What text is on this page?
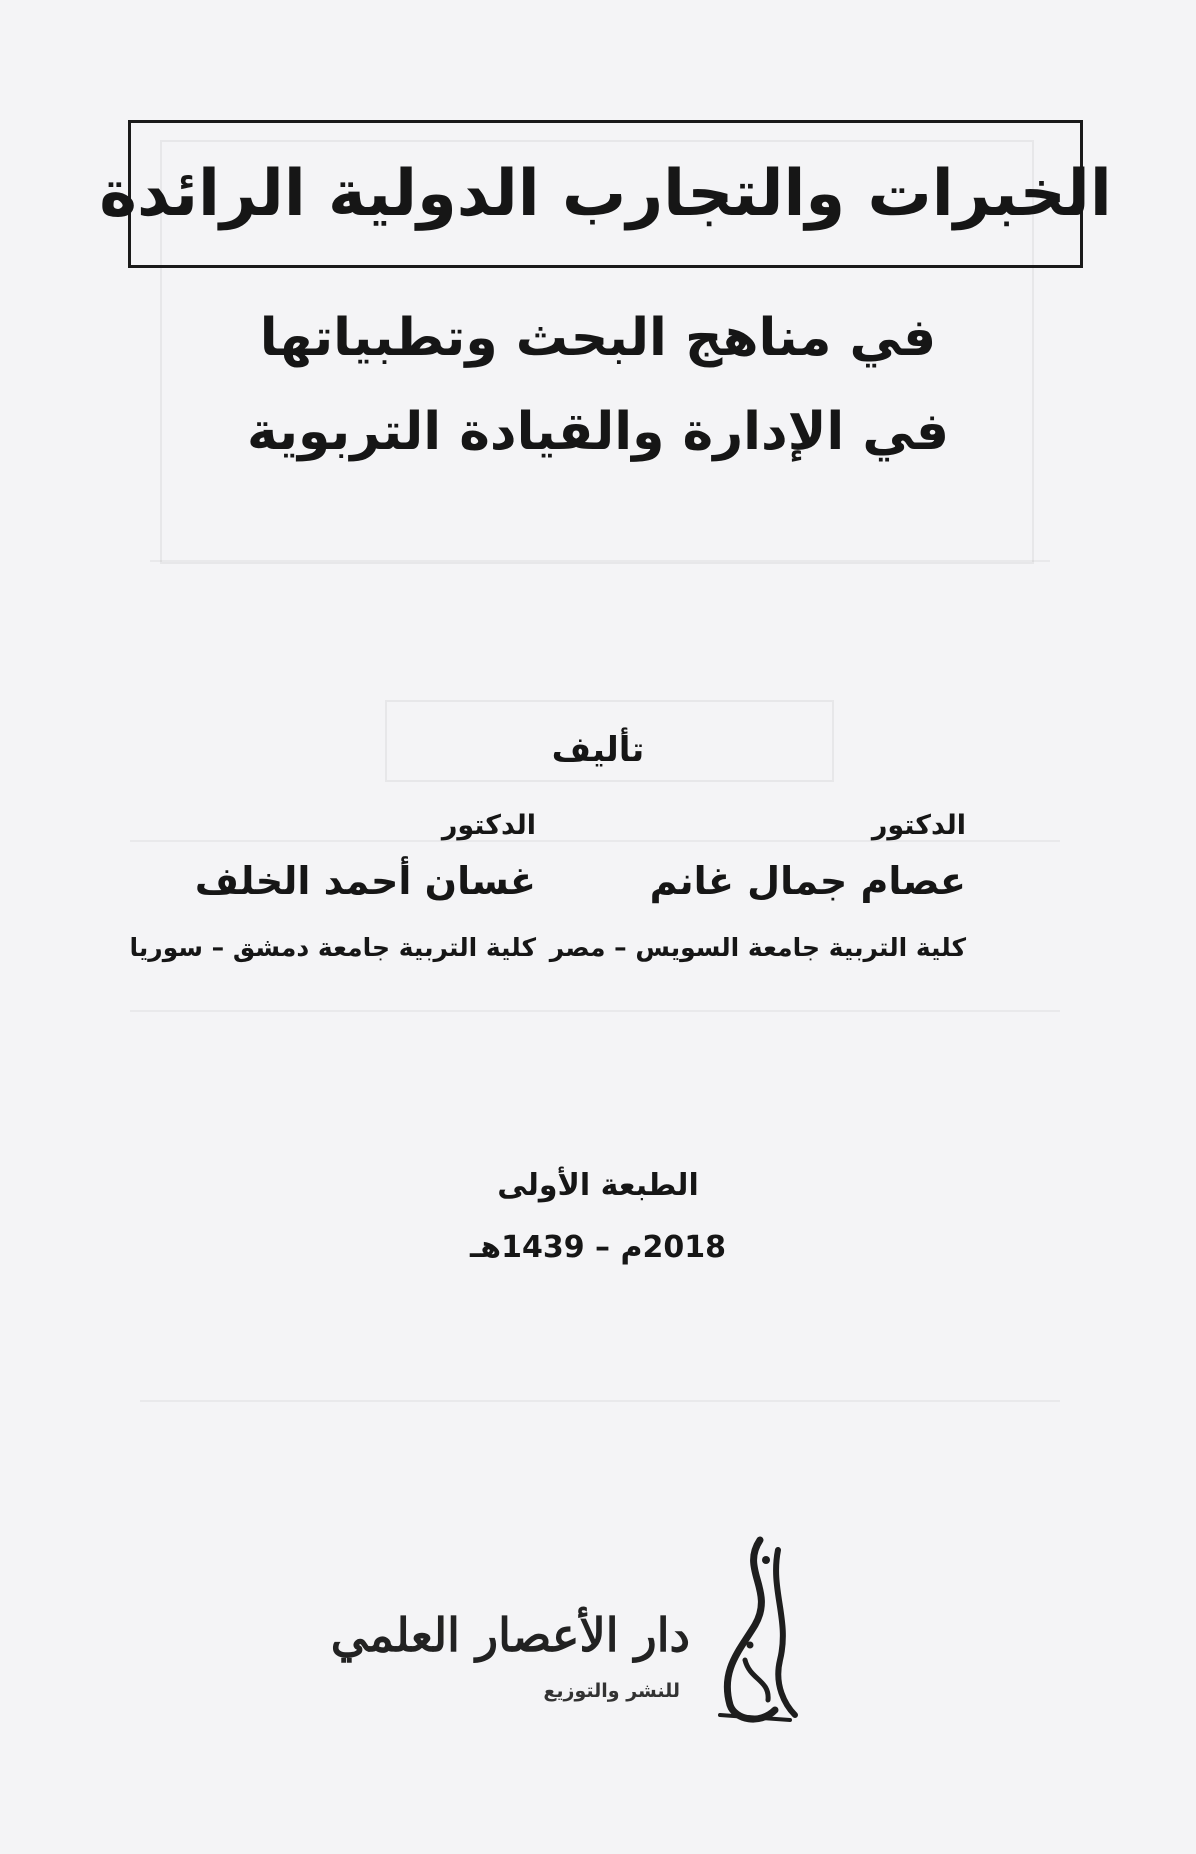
الخبرات والتجارب الدولية الرائدة
في مناهج البحث وتطبياتها
في الإدارة والقيادة التربوية
تأليف
الدكتور
عصام جمال غانم
كلية التربية جامعة السويس – مصر
الدكتور
غسان أحمد الخلف
كلية التربية جامعة دمشق – سوريا
الطبعة الأولى
2018م – 1439هـ
دار الأعصار العلمي
للنشر والتوزيع
